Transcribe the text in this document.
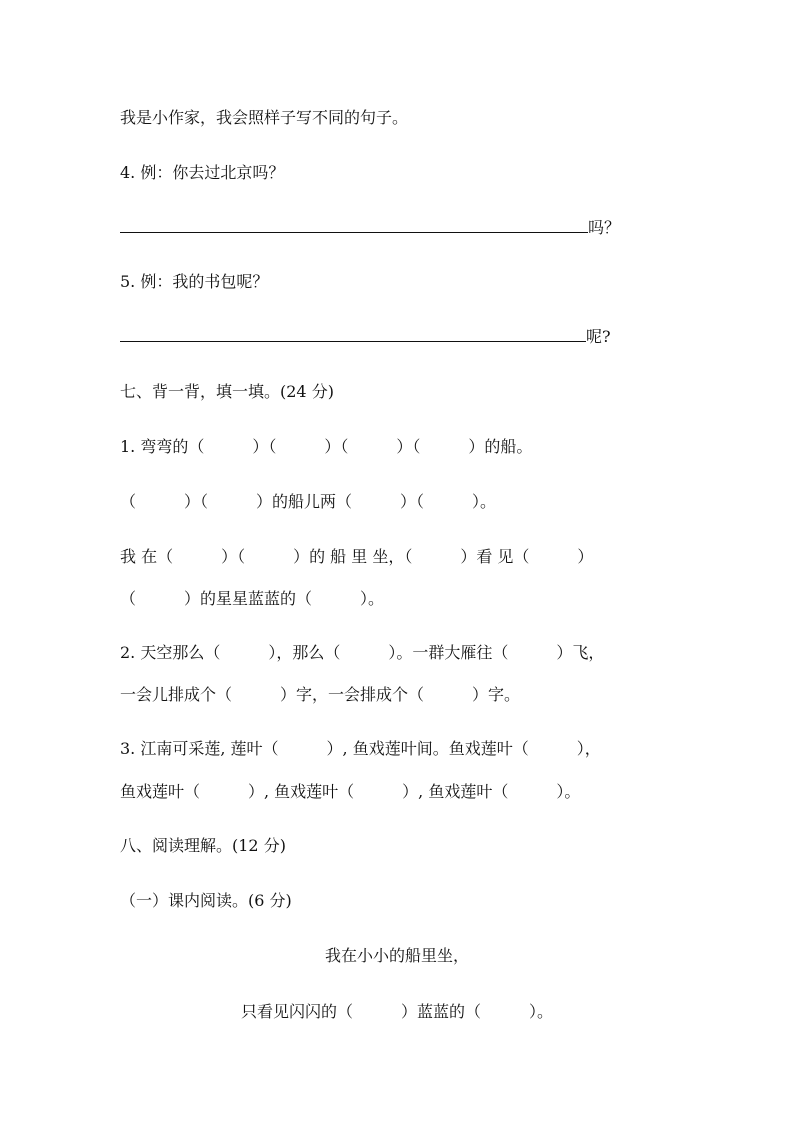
我是小作家，我会照样子写不同的句子。

4. 例：你去过北京吗？

吗？

5. 例：我的书包呢？

呢?

七、背一背，填一填。(24 分)

1. 弯弯的（　　　）（　　　）（　　　）（　　　）的船。

（　　　）（　　　）的船儿两（　　　）（　　　）。

我 在（　　　）（　　　）的 船 里 坐，（　　　）看 见（　　　）

（　　　）的星星蓝蓝的（　　　）。

2. 天空那么（　　　），那么（　　　）。一群大雁往（　　　）飞，

一会儿排成个（　　　）字，一会排成个（　　　）字。

3. 江南可采莲, 莲叶（　　　）, 鱼戏莲叶间。鱼戏莲叶（　　　），

鱼戏莲叶（　　　）, 鱼戏莲叶（　　　）, 鱼戏莲叶（　　　）。

八、阅读理解。(12 分)

（一）课内阅读。(6 分)

我在小小的船里坐，

只看见闪闪的（　　　）蓝蓝的（　　　）。
